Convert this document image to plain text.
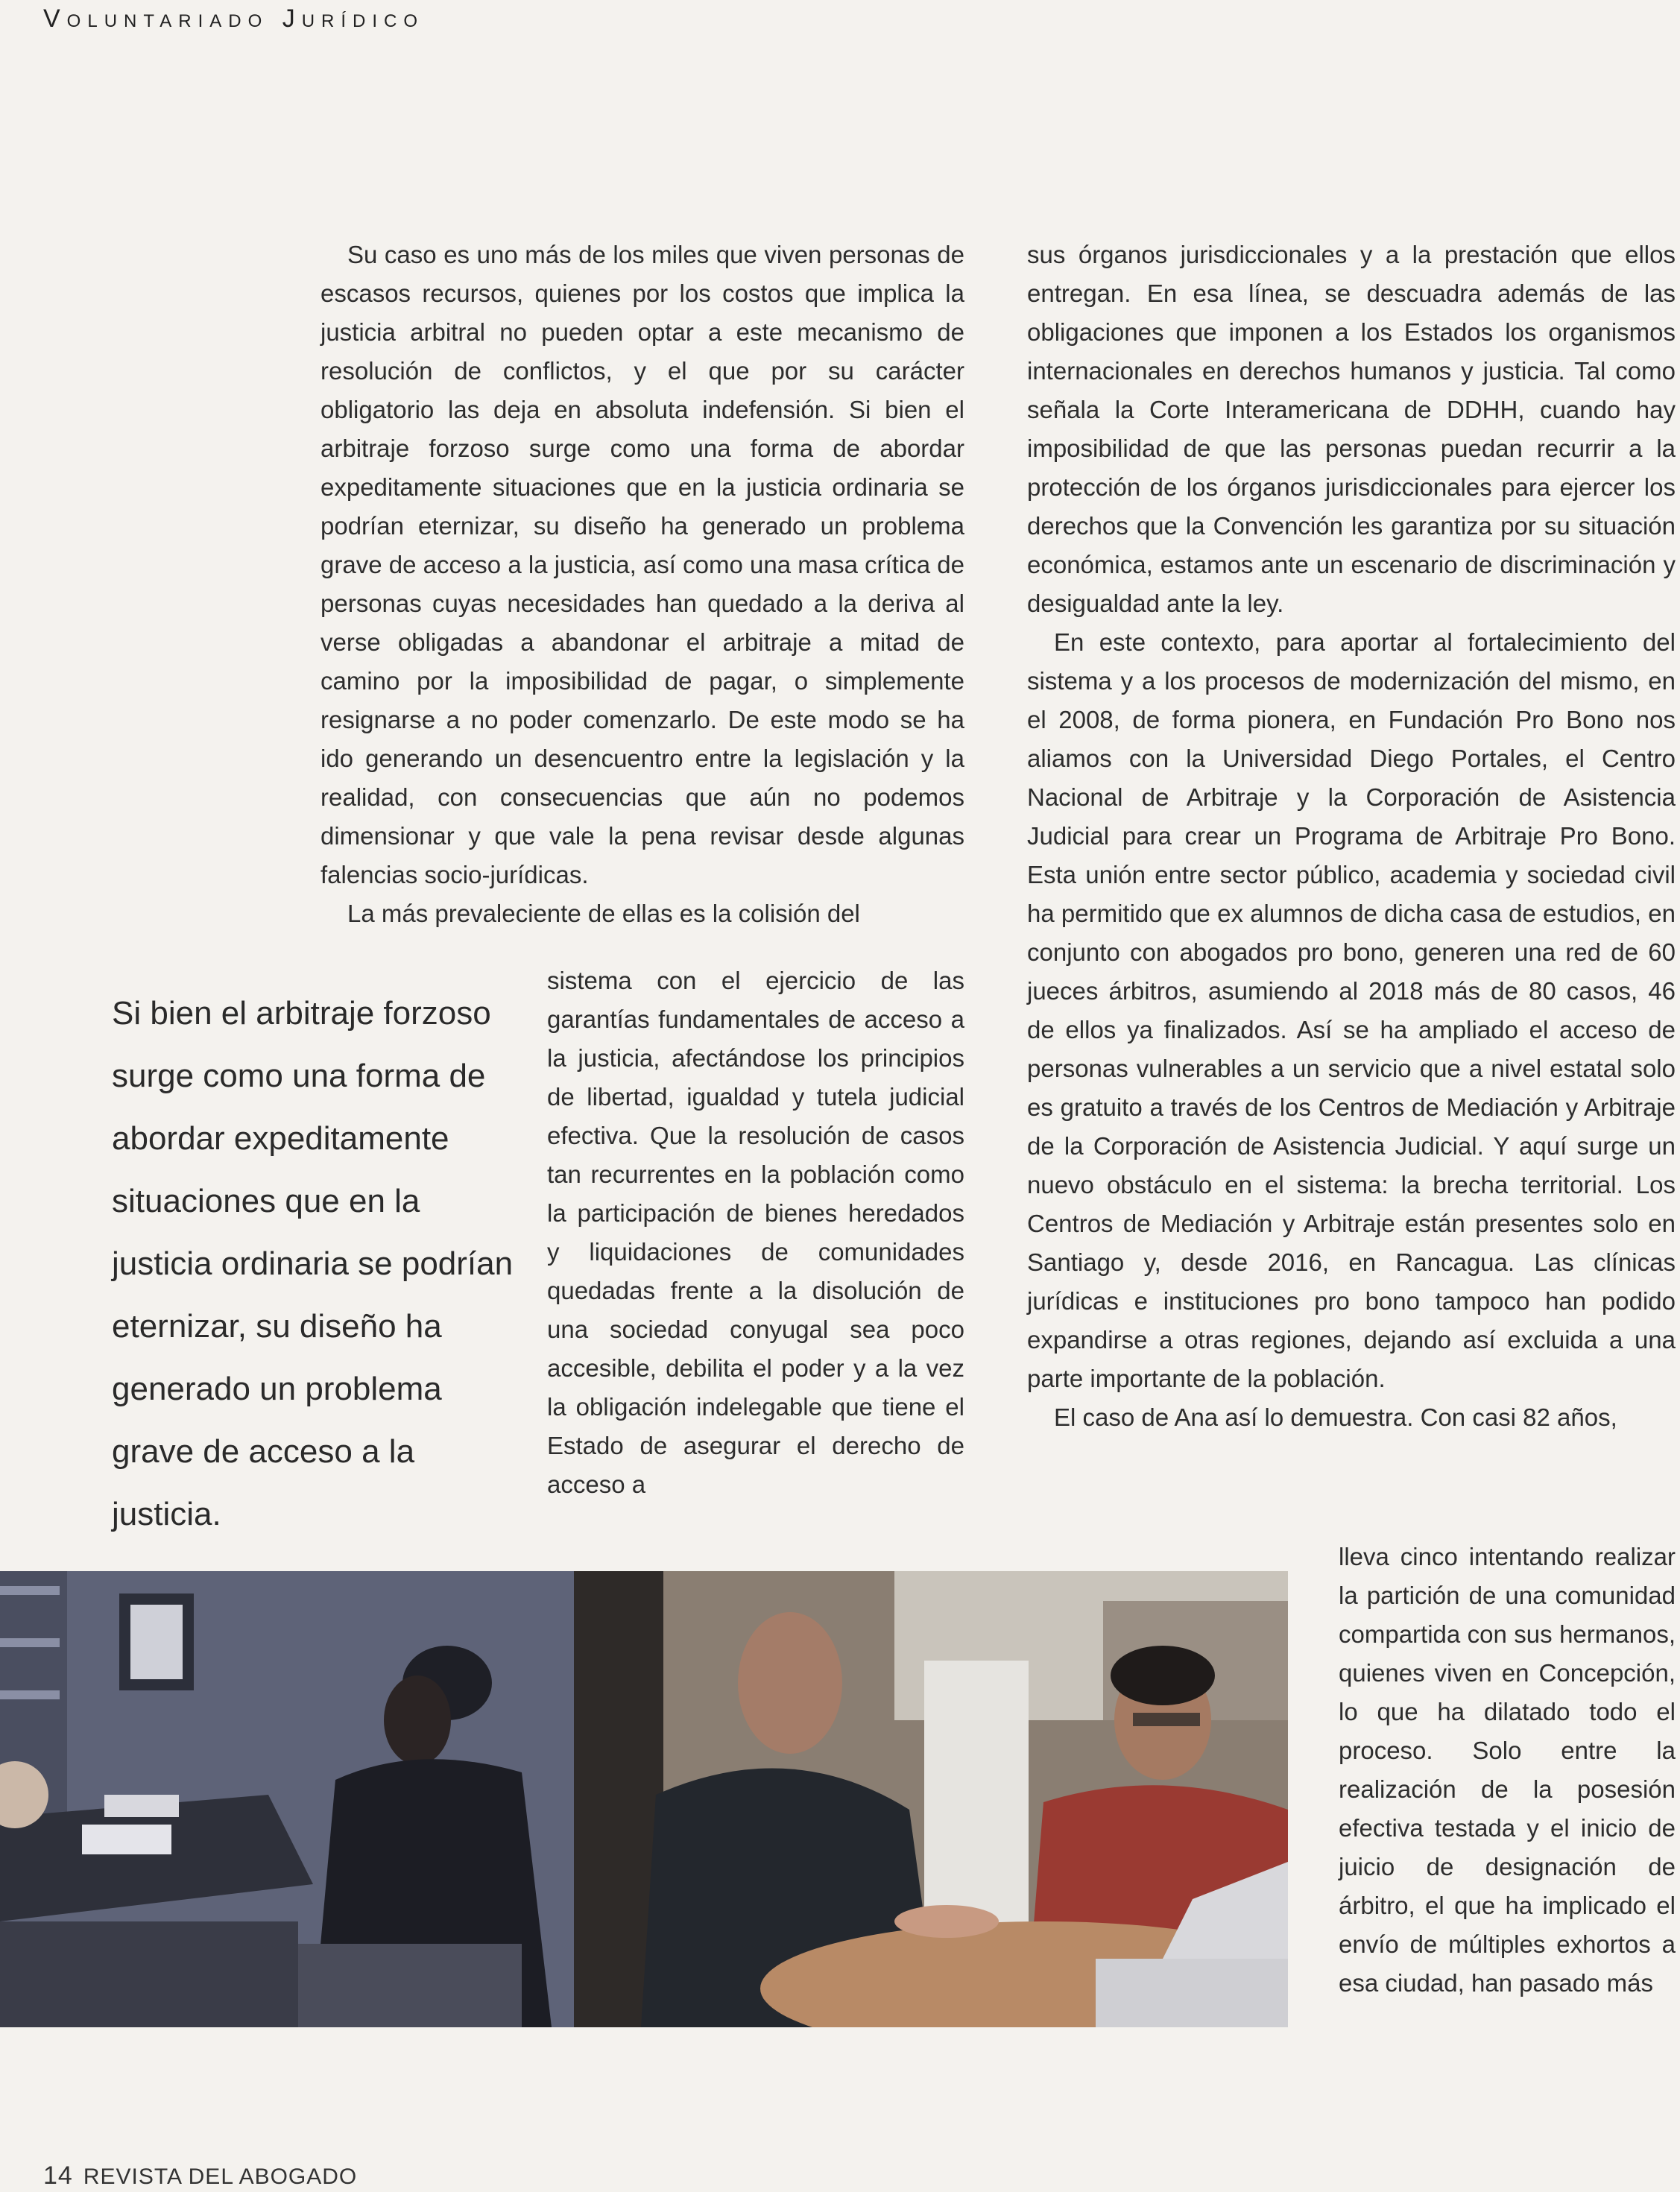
Voluntariado Jurídico

Su caso es uno más de los miles que viven personas de escasos recursos, quienes por los costos que implica la justicia arbitral no pueden optar a este mecanismo de resolución de conflictos, y el que por su carácter obligatorio las deja en absoluta indefensión. Si bien el arbitraje forzoso surge como una forma de abordar expeditamente situaciones que en la justicia ordinaria se podrían eternizar, su diseño ha generado un problema grave de acceso a la justicia, así como una masa crítica de personas cuyas necesidades han quedado a la deriva al verse obligadas a abandonar el arbitraje a mitad de camino por la imposibilidad de pagar, o simplemente resignarse a no poder comenzarlo. De este modo se ha ido generando un desencuentro entre la legislación y la realidad, con consecuencias que aún no podemos dimensionar y que vale la pena revisar desde algunas falencias socio-jurídicas.

La más prevaleciente de ellas es la colisión del

sistema con el ejercicio de las garantías fundamentales de acceso a la justicia, afectándose los principios de libertad, igualdad y tutela judicial efectiva. Que la resolución de casos tan recurrentes en la población como la participación de bienes heredados y liquidaciones de comunidades quedadas frente a la disolución de una sociedad conyugal sea poco accesible, debilita el poder y a la vez la obligación indelegable que tiene el Estado de asegurar el derecho de acceso a

Si bien el arbitraje forzoso surge como una forma de abordar expeditamente situaciones que en la justicia ordinaria se podrían eternizar, su diseño ha generado un problema grave de acceso a la justicia.

sus órganos jurisdiccionales y a la prestación que ellos entregan. En esa línea, se descuadra además de las obligaciones que imponen a los Estados los organismos internacionales en derechos humanos y justicia. Tal como señala la Corte Interamericana de DDHH, cuando hay imposibilidad de que las personas puedan recurrir a la protección de los órganos jurisdiccionales para ejercer los derechos que la Convención les garantiza por su situación económica, estamos ante un escenario de discriminación y desigualdad ante la ley.

En este contexto, para aportar al fortalecimiento del sistema y a los procesos de modernización del mismo, en el 2008, de forma pionera, en Fundación Pro Bono nos aliamos con la Universidad Diego Portales, el Centro Nacional de Arbitraje y la Corporación de Asistencia Judicial para crear un Programa de Arbitraje Pro Bono. Esta unión entre sector público, academia y sociedad civil ha permitido que ex alumnos de dicha casa de estudios, en conjunto con abogados pro bono, generen una red de 60 jueces árbitros, asumiendo al 2018 más de 80 casos, 46 de ellos ya finalizados. Así se ha ampliado el acceso de personas vulnerables a un servicio que a nivel estatal solo es gratuito a través de los Centros de Mediación y Arbitraje de la Corporación de Asistencia Judicial. Y aquí surge un nuevo obstáculo en el sistema: la brecha territorial. Los Centros de Mediación y Arbitraje están presentes solo en Santiago y, desde 2016, en Rancagua. Las clínicas jurídicas e instituciones pro bono tampoco han podido expandirse a otras regiones, dejando así excluida a una parte importante de la población.

El caso de Ana así lo demuestra. Con casi 82 años,

lleva cinco intentando realizar la partición de una comunidad compartida con sus hermanos, quienes viven en Concepción, lo que ha dilatado todo el proceso. Solo entre la realización de la posesión efectiva testada y el inicio de juicio de designación de árbitro, el que ha implicado el envío de múltiples exhortos a esa ciudad, han pasado más

14 REVISTA DEL ABOGADO
